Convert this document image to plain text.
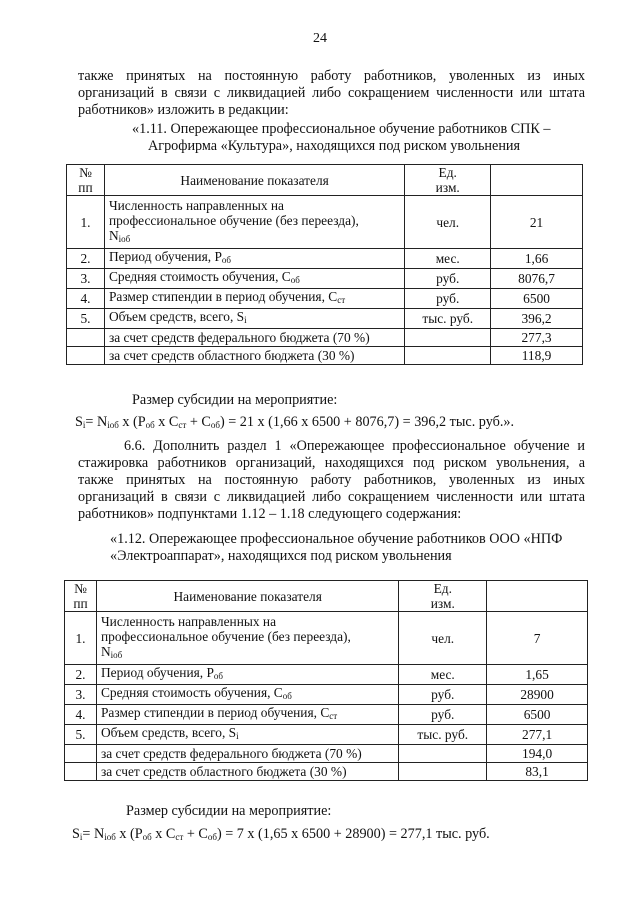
24
также принятых на постоянную работу работников, уволенных из иных
организаций в связи с ликвидацией либо сокращением численности или штата
работников» изложить в редакции:
«1.11. Опережающее профессиональное обучение работников СПК –
Агрофирма «Культура», находящихся под риском увольнения
№
пп	Наименование показателя	Ед.
изм.	
1.	Численность направленных на
профессиональное обучение (без переезда),
$N_{iоб}$	чел.	21
2.	Период обучения, $Р_{об}$	мес.	1,66
3.	Средняя стоимость обучения, $С_{об}$	руб.	8076,7
4.	Размер стипендии в период обучения, $С_{ст}$	руб.	6500
5.	Объем средств, всего, $S_i$	тыс. руб.	396,2
	за счет средств федерального бюджета (70 %)		277,3
	за счет средств областного бюджета (30 %)		118,9
Размер субсидии на мероприятие:
$S_i= N_{iоб}$ х ($Р_{об}$ х $С_{ст} + С_{об}) = 21$ х (1,66 х 6500 + 8076,7) = 396,2 тыс. руб.».
6.6. Дополнить раздел 1 «Опережающее профессиональное обучение и
стажировка работников организаций, находящихся под риском увольнения, а
также принятых на постоянную работу работников, уволенных из иных
организаций в связи с ликвидацией либо сокращением численности или штата
работников» подпунктами 1.12 – 1.18 следующего содержания:
«1.12. Опережающее профессиональное обучение работников ООО «НПФ
«Электроаппарат», находящихся под риском увольнения
№
пп	Наименование показателя	Ед.
изм.	
1.	Численность направленных на
профессиональное обучение (без переезда),
$N_{iоб}$	чел.	7
2.	Период обучения, $Р_{об}$	мес.	1,65
3.	Средняя стоимость обучения, $С_{об}$	руб.	28900
4.	Размер стипендии в период обучения, $С_{ст}$	руб.	6500
5.	Объем средств, всего, $S_i$	тыс. руб.	277,1
	за счет средств федерального бюджета (70 %)		194,0
	за счет средств областного бюджета (30 %)		83,1
Размер субсидии на мероприятие:
$S_i= N_{iоб}$ х ($Р_{об}$ х $С_{ст} + С_{об}) = 7$ х (1,65 х 6500 + 28900) = 277,1 тыс. руб.
